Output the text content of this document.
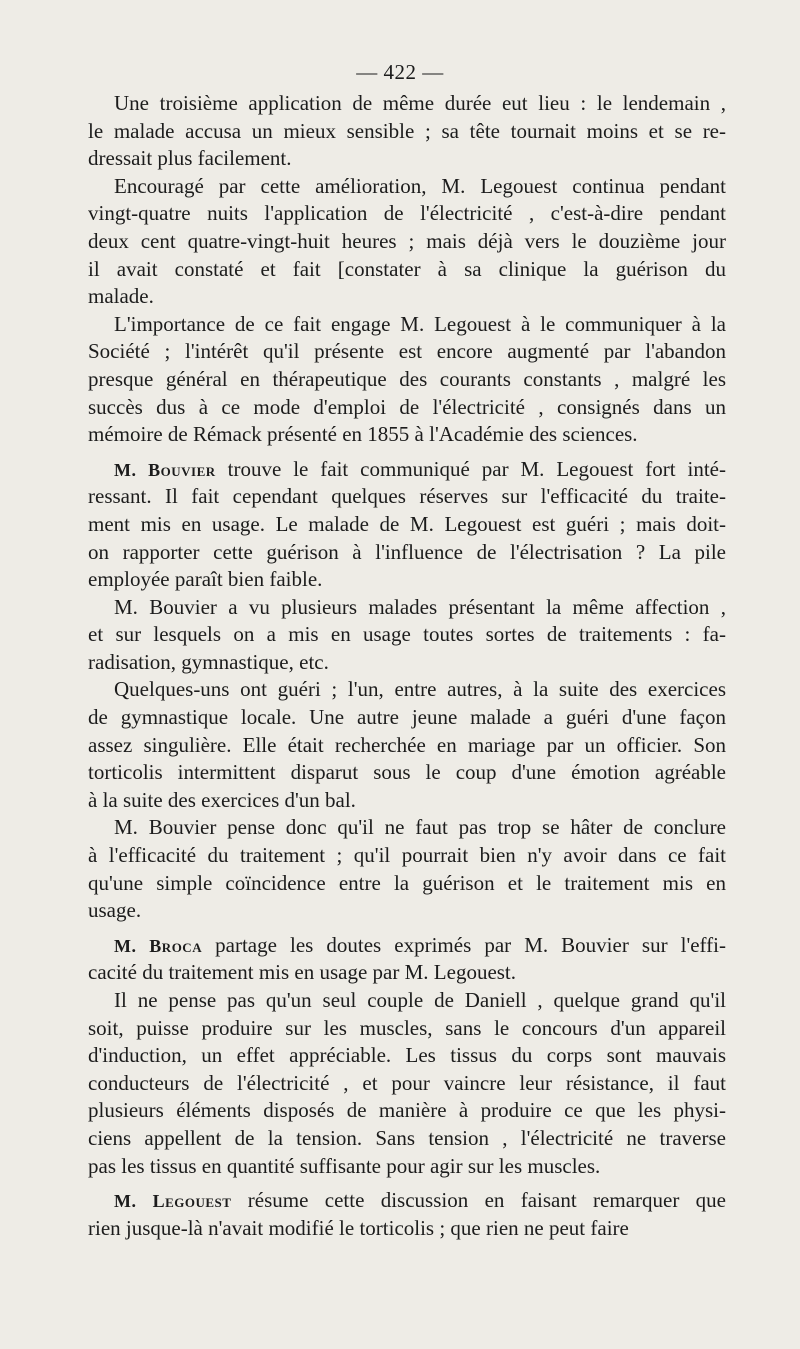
— 422 —
Une troisième application de même durée eut lieu : le lendemain ,
le malade accusa un mieux sensible ; sa tête tournait moins et se re-
dressait plus facilement.
Encouragé par cette amélioration, M. Legouest continua pendant
vingt-quatre nuits l'application de l'électricité , c'est-à-dire pendant
deux cent quatre-vingt-huit heures ; mais déjà vers le douzième jour
il avait constaté et fait [constater à sa clinique la guérison du
malade.
L'importance de ce fait engage M. Legouest à le communiquer à la
Société ; l'intérêt qu'il présente est encore augmenté par l'abandon
presque général en thérapeutique des courants constants , malgré les
succès dus à ce mode d'emploi de l'électricité , consignés dans un
mémoire de Rémack présenté en 1855 à l'Académie des sciences.
M. Bouvier trouve le fait communiqué par M. Legouest fort inté-
ressant. Il fait cependant quelques réserves sur l'efficacité du traite-
ment mis en usage. Le malade de M. Legouest est guéri ; mais doit-
on rapporter cette guérison à l'influence de l'électrisation ? La pile
employée paraît bien faible.
M. Bouvier a vu plusieurs malades présentant la même affection ,
et sur lesquels on a mis en usage toutes sortes de traitements : fa-
radisation, gymnastique, etc.
Quelques-uns ont guéri ; l'un, entre autres, à la suite des exercices
de gymnastique locale. Une autre jeune malade a guéri d'une façon
assez singulière. Elle était recherchée en mariage par un officier. Son
torticolis intermittent disparut sous le coup d'une émotion agréable
à la suite des exercices d'un bal.
M. Bouvier pense donc qu'il ne faut pas trop se hâter de conclure
à l'efficacité du traitement ; qu'il pourrait bien n'y avoir dans ce fait
qu'une simple coïncidence entre la guérison et le traitement mis en
usage.
M. Broca partage les doutes exprimés par M. Bouvier sur l'effi-
cacité du traitement mis en usage par M. Legouest.
Il ne pense pas qu'un seul couple de Daniell , quelque grand qu'il
soit, puisse produire sur les muscles, sans le concours d'un appareil
d'induction, un effet appréciable. Les tissus du corps sont mauvais
conducteurs de l'électricité , et pour vaincre leur résistance, il faut
plusieurs éléments disposés de manière à produire ce que les physi-
ciens appellent de la tension. Sans tension , l'électricité ne traverse
pas les tissus en quantité suffisante pour agir sur les muscles.
M. Legouest résume cette discussion en faisant remarquer que
rien jusque-là n'avait modifié le torticolis ; que rien ne peut faire
